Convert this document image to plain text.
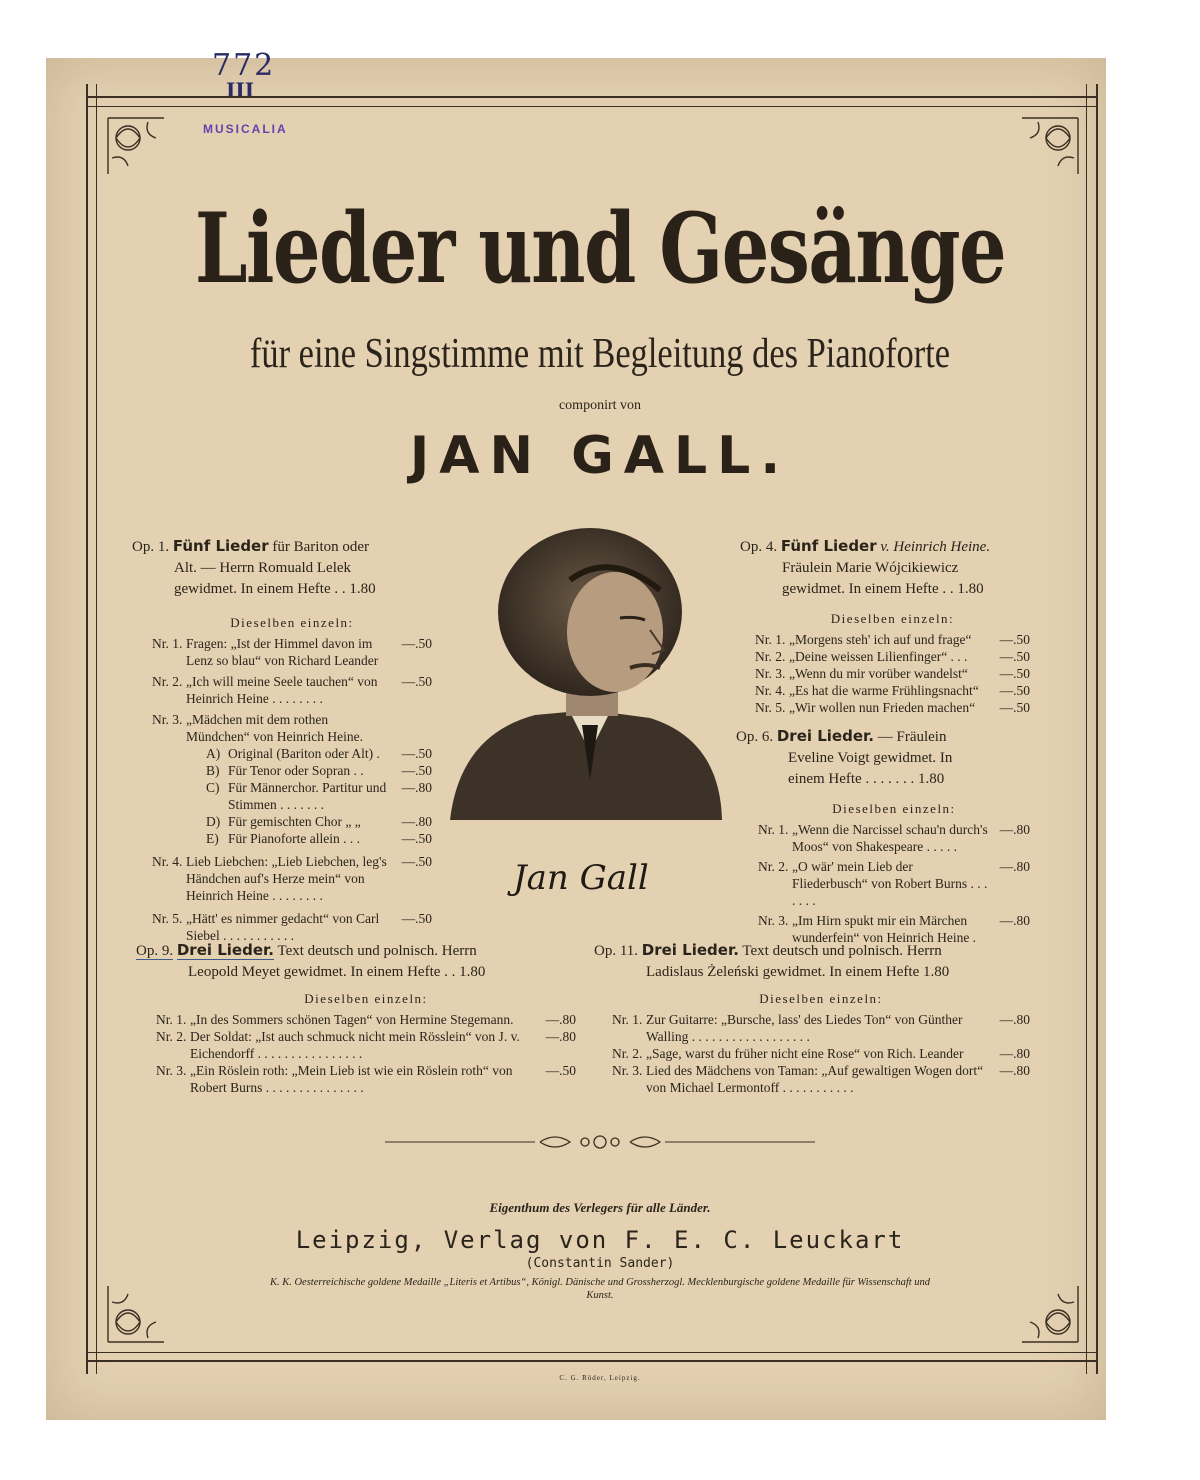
772
III
MUSICALIA
Lieder und Gesänge
für eine Singstimme mit Begleitung des Pianoforte
componirt von
JAN GALL.
Jan Gall
Op. 1. Fünf Lieder für Bariton oder
Alt. — Herrn Romuald Lelek
gewidmet. In einem Hefte . . 1.80
Dieselben einzeln:
Nr. 1. Fragen: „Ist der Himmel davon im Lenz so blau“ von Richard Leander
—.50
Nr. 2. „Ich will meine Seele tauchen“ von Heinrich Heine . . . . . . . .
—.50
Nr. 3. „Mädchen mit dem rothen Mündchen“ von Heinrich Heine.
A) Original (Bariton oder Alt) .	—.50
B) Für Tenor oder Sopran . .	—.50
C) Für Männerchor. Partitur und Stimmen . . . . . . .
—.80
D) Für gemischten Chor „ „	—.80
E) Für Pianoforte allein . . .	—.50
Nr. 4. Lieb Liebchen: „Lieb Liebchen, leg's Händchen auf's Herze mein“ von Heinrich Heine . . . . . . . .
—.50
Nr. 5. „Hätt' es nimmer gedacht“ von Carl Siebel . . . . . . . . . . .
—.50
Op. 4. Fünf Lieder v. Heinrich Heine.
Fräulein Marie Wójcikiewicz
gewidmet. In einem Hefte . . 1.80
Dieselben einzeln:
Nr. 1. „Morgens steh' ich auf und frage“	—.50
Nr. 2. „Deine weissen Lilienfinger“ . . .	—.50
Nr. 3. „Wenn du mir vorüber wandelst“	—.50
Nr. 4. „Es hat die warme Frühlingsnacht“	—.50
Nr. 5. „Wir wollen nun Frieden machen“	—.50
Op. 6. Drei Lieder. — Fräulein
Eveline Voigt gewidmet. In
einem Hefte . . . . . . . 1.80
Dieselben einzeln:
Nr. 1. „Wenn die Narcissel schau'n durch's Moos“ von Shakespeare . . . . .
—.80
Nr. 2. „O wär' mein Lieb der Fliederbusch“ von Robert Burns . . . . . . .
—.80
Nr. 3. „Im Hirn spukt mir ein Märchen wunderfein“ von Heinrich Heine .
—.80
Op. 9. Drei Lieder. Text deutsch und polnisch. Herrn
Leopold Meyet gewidmet. In einem Hefte . . 1.80
Dieselben einzeln:
Nr. 1. „In des Sommers schönen Tagen“ von Hermine Stegemann.	—.80
Nr. 2. Der Soldat: „Ist auch schmuck nicht mein Rösslein“ von J. v. Eichendorff . . . . . . . . . . . . . . . .
—.80
Nr. 3. „Ein Röslein roth: „Mein Lieb ist wie ein Röslein roth“ von Robert Burns . . . . . . . . . . . . . . .
—.50
Op. 11. Drei Lieder. Text deutsch und polnisch. Herrn
Ladislaus Żeleński gewidmet. In einem Hefte 1.80
Dieselben einzeln:
Nr. 1. Zur Guitarre: „Bursche, lass' des Liedes Ton“ von Günther Walling . . . . . . . . . . . . . . . . . .
—.80
Nr. 2. „Sage, warst du früher nicht eine Rose“ von Rich. Leander	—.80
Nr. 3. Lied des Mädchens von Taman: „Auf gewaltigen Wogen dort“ von Michael Lermontoff . . . . . . . . . . .
—.80
Eigenthum des Verlegers für alle Länder.
Leipzig, Verlag von F. E. C. Leuckart
(Constantin Sander)
K. K. Oesterreichische goldene Medaille „Literis et Artibus“, Königl. Dänische und Grossherzogl. Mecklenburgische goldene Medaille für Wissenschaft und Kunst.
C. G. Röder, Leipzig.
